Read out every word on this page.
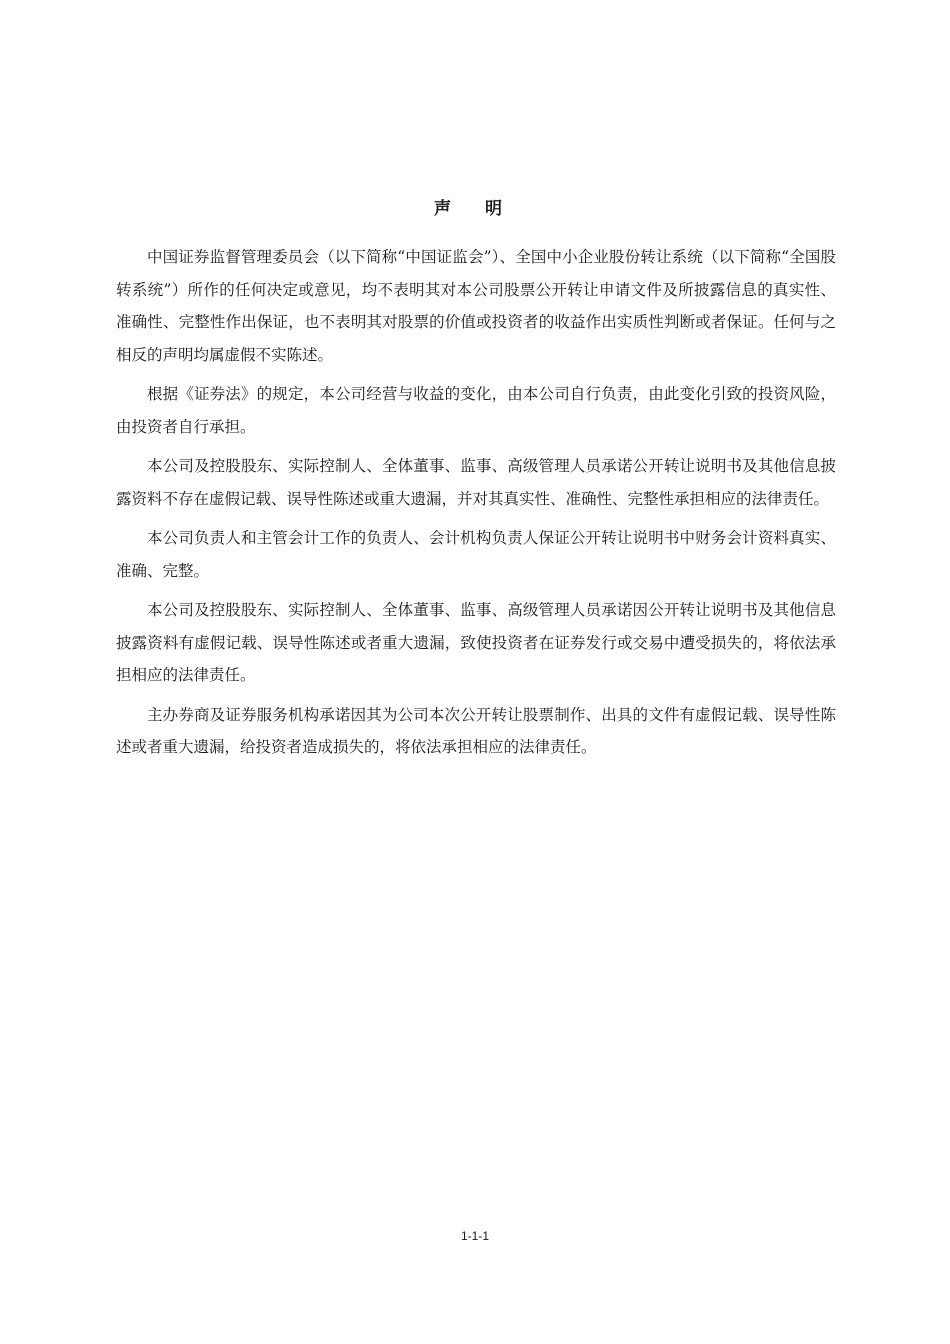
声 明

中国证券监督管理委员会（以下简称“中国证监会”）、全国中小企业股份转让系统（以下简称“全国股转系统”）所作的任何决定或意见，均不表明其对本公司股票公开转让申请文件及所披露信息的真实性、准确性、完整性作出保证，也不表明其对股票的价值或投资者的收益作出实质性判断或者保证。任何与之相反的声明均属虚假不实陈述。

根据《证券法》的规定，本公司经营与收益的变化，由本公司自行负责，由此变化引致的投资风险，由投资者自行承担。

本公司及控股股东、实际控制人、全体董事、监事、高级管理人员承诺公开转让说明书及其他信息披露资料不存在虚假记载、误导性陈述或重大遗漏，并对其真实性、准确性、完整性承担相应的法律责任。

本公司负责人和主管会计工作的负责人、会计机构负责人保证公开转让说明书中财务会计资料真实、准确、完整。

本公司及控股股东、实际控制人、全体董事、监事、高级管理人员承诺因公开转让说明书及其他信息披露资料有虚假记载、误导性陈述或者重大遗漏，致使投资者在证券发行或交易中遭受损失的，将依法承担相应的法律责任。

主办券商及证券服务机构承诺因其为公司本次公开转让股票制作、出具的文件有虚假记载、误导性陈述或者重大遗漏，给投资者造成损失的，将依法承担相应的法律责任。

1-1-1
